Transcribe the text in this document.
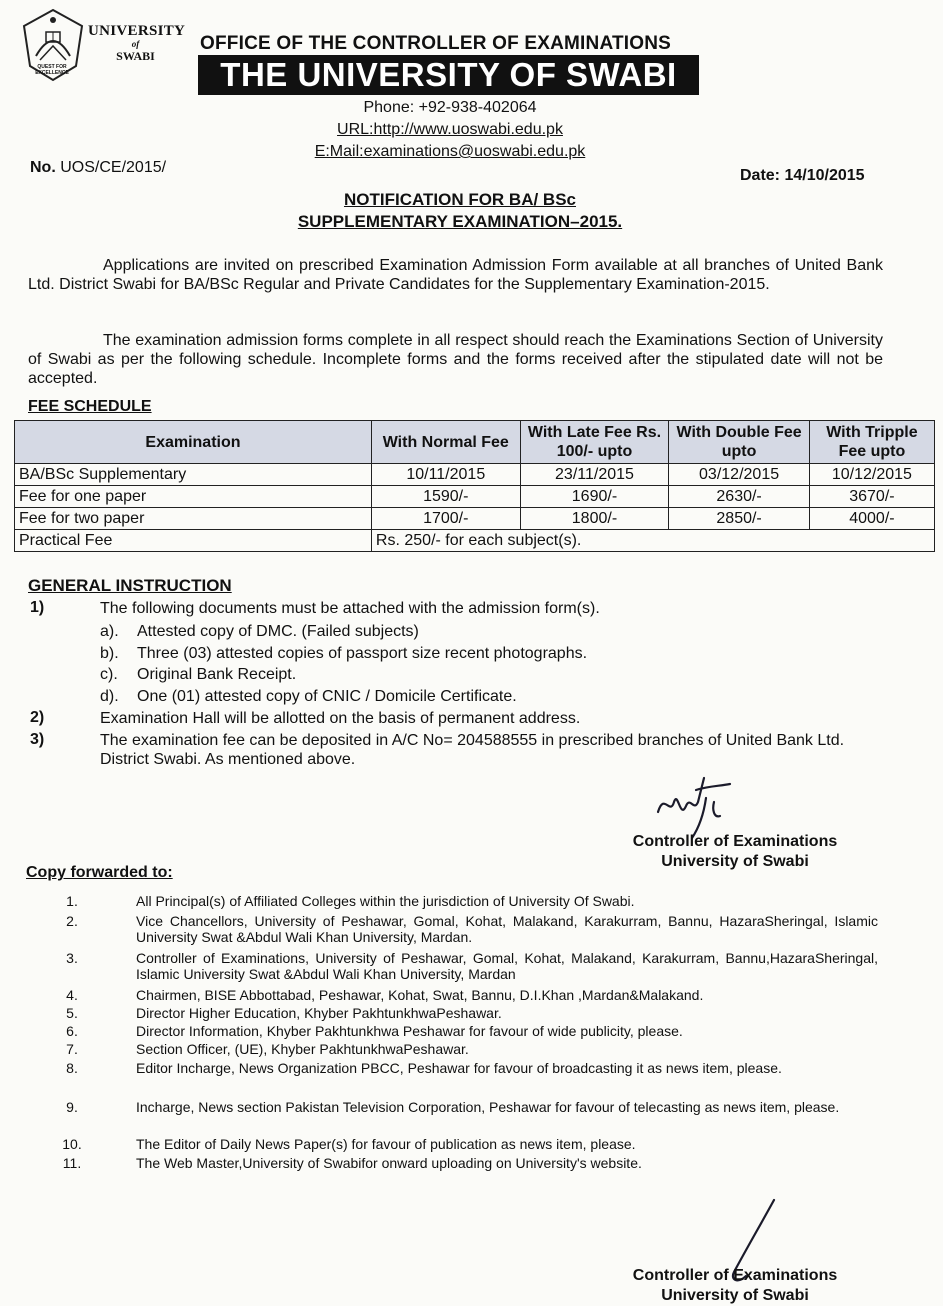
QUEST FOR EXCELLENCE
UNIVERSITY
of
SWABI
OFFICE OF THE CONTROLLER OF EXAMINATIONS
THE UNIVERSITY OF SWABI
Phone: +92-938-402064
URL:http://www.uoswabi.edu.pk
E:Mail:examinations@uoswabi.edu.pk
No. UOS/CE/2015/	Date: 14/10/2015
NOTIFICATION FOR BA/ BSc
SUPPLEMENTARY EXAMINATION–2015.
Applications are invited on prescribed Examination Admission Form available at all branches of United Bank Ltd. District Swabi for BA/BSc Regular and Private Candidates for the Supplementary Examination-2015.
The examination admission forms complete in all respect should reach the Examinations Section of University of Swabi as per the following schedule. Incomplete forms and the forms received after the stipulated date will not be accepted.
FEE SCHEDULE
Examination	With Normal Fee	With Late Fee Rs. 100/- upto	With Double Fee upto	With Tripple Fee upto
BA/BSc Supplementary	10/11/2015	23/11/2015	03/12/2015	10/12/2015
Fee for one paper	1590/-	1690/-	2630/-	3670/-
Fee for two paper	1700/-	1800/-	2850/-	4000/-
Practical Fee	Rs. 250/- for each subject(s).			
GENERAL INSTRUCTION
1)	The following documents must be attached with the admission form(s).
a). Attested copy of DMC. (Failed subjects)
b). Three (03) attested copies of passport size recent photographs.
c). Original Bank Receipt.
d). One (01) attested copy of CNIC / Domicile Certificate.
2)	Examination Hall will be allotted on the basis of permanent address.
3)	The examination fee can be deposited in A/C No= 204588555 in prescribed branches of United Bank Ltd. District Swabi. As mentioned above.
Controller of Examinations
University of Swabi
Copy forwarded to:
1.	All Principal(s) of Affiliated Colleges within the jurisdiction of University Of Swabi.
2.	Vice Chancellors, University of Peshawar, Gomal, Kohat, Malakand, Karakurram, Bannu, HazaraSheringal, Islamic University Swat &Abdul Wali Khan University, Mardan.
3.	Controller of Examinations, University of Peshawar, Gomal, Kohat, Malakand, Karakurram, Bannu,HazaraSheringal, Islamic University Swat &Abdul Wali Khan University, Mardan
4.	Chairmen, BISE Abbottabad, Peshawar, Kohat, Swat, Bannu, D.I.Khan ,Mardan&Malakand.
5.	Director Higher Education, Khyber PakhtunkhwaPeshawar.
6.	Director Information, Khyber Pakhtunkhwa Peshawar for favour of wide publicity, please.
7.	Section Officer, (UE), Khyber PakhtunkhwaPeshawar.
8.	Editor Incharge, News Organization PBCC, Peshawar for favour of broadcasting it as news item, please.
9.	Incharge, News section Pakistan Television Corporation, Peshawar for favour of telecasting as news item, please.
10.	The Editor of Daily News Paper(s) for favour of publication as news item, please.
11.	The Web Master,University of Swabifor onward uploading on University's website.
Controller of Examinations
University of Swabi
